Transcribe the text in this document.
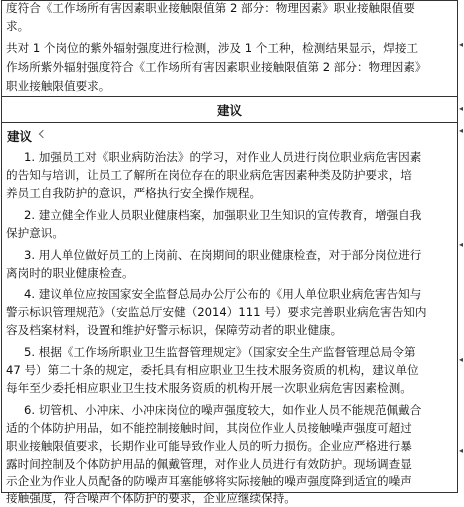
度符合《工作场所有害因素职业接触限值第 2 部分：物理因素》职业接触限值要
求。
共对 1 个岗位的紫外辐射强度进行检测，涉及 1 个工种，检测结果显示，焊接工
作场所紫外辐射强度符合《工作场所有害因素职业接触限值第 2 部分：物理因素》
职业接触限值要求。
建议
建议
1. 加强员工对《职业病防治法》的学习，对作业人员进行岗位职业病危害因素
的告知与培训，让员工了解所在岗位存在的职业病危害因素种类及防护要求，培
养员工自我防护的意识，严格执行安全操作规程。
2. 建立健全作业人员职业健康档案，加强职业卫生知识的宣传教育，增强自我
保护意识。
3. 用人单位做好员工的上岗前、在岗期间的职业健康检查，对于部分岗位进行
离岗时的职业健康检查。
4. 建议单位应按国家安全监督总局办公厅公布的《用人单位职业病危害告知与
警示标识管理规范》（安监总厅安健（2014）111 号）要求完善职业病危害告知内
容及档案材料，设置和维护好警示标识，保障劳动者的职业健康。
5. 根据《工作场所职业卫生监督管理规定》（国家安全生产监督管理总局令第
47 号）第二十条的规定，委托具有相应职业卫生技术服务资质的机构，建议单位
每年至少委托相应职业卫生技术服务资质的机构开展一次职业病危害因素检测。
6. 切管机、小冲床、小冲床岗位的噪声强度较大，如作业人员不能规范佩戴合
适的个体防护用品，如不能控制接触时间，其岗位作业人员接触噪声强度可超过
职业接触限值要求，长期作业可能导致作业人员的听力损伤。企业应严格进行暴
露时间控制及个体防护用品的佩戴管理，对作业人员进行有效防护。现场调查显
示企业为作业人员配备的防噪声耳塞能够将实际接触的噪声强度降到适宜的噪声
接触强度，符合噪声个体防护的要求，企业应继续保持。
◂
◂
◂
◂
◂
◂
